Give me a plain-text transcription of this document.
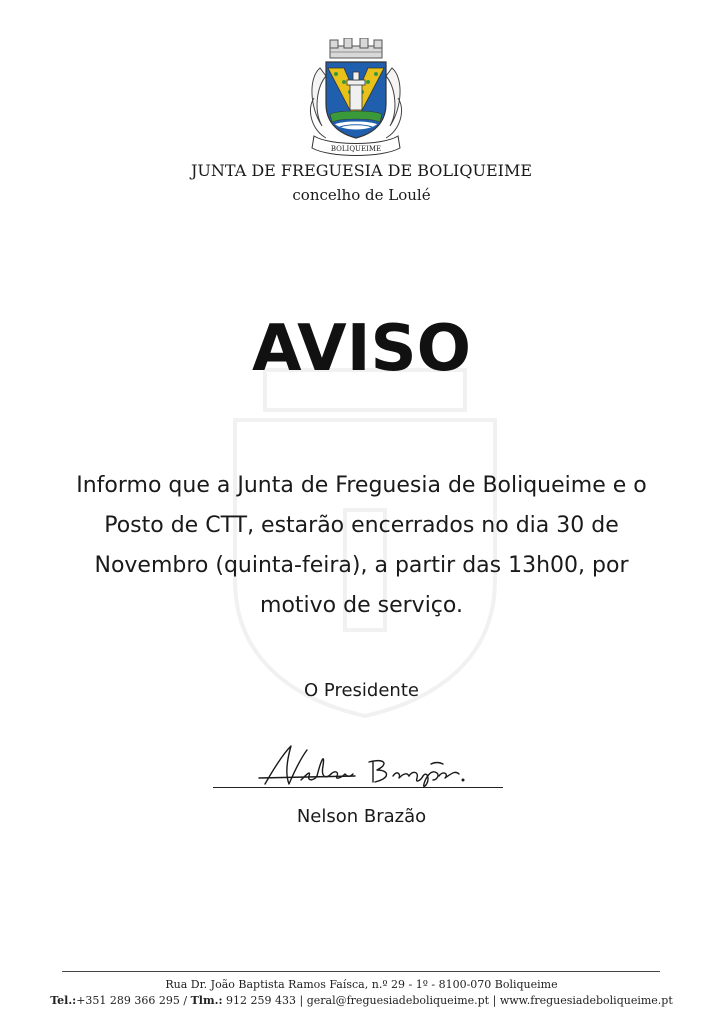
BOLIQUEIME
JUNTA DE FREGUESIA DE BOLIQUEIME
concelho de Loulé
AVISO
Informo que a Junta de Freguesia de Boliqueime e o
Posto de CTT, estarão encerrados no dia 30 de
Novembro (quinta-feira), a partir das 13h00, por
motivo de serviço.
O Presidente
Nelson Brazão
Rua Dr. João Baptista Ramos Faísca, n.º 29 - 1º - 8100-070 Boliqueime
Tel.:+351 289 366 295 / Tlm.: 912 259 433 | geral@freguesiadeboliqueime.pt | www.freguesiadeboliqueime.pt
